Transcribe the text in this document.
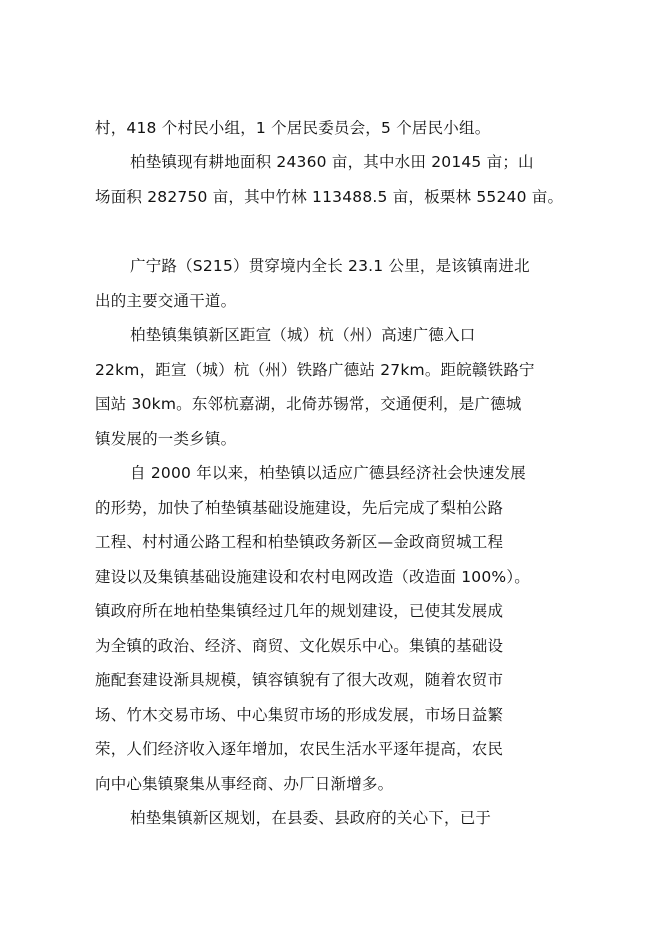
村，418 个村民小组，1 个居民委员会，5 个居民小组。
柏垫镇现有耕地面积 24360 亩，其中水田 20145 亩；山
场面积 282750 亩，其中竹林 113488.5 亩，板栗林 55240 亩。
广宁路（S215）贯穿境内全长 23.1 公里，是该镇南进北
出的主要交通干道。
柏垫镇集镇新区距宣（城）杭（州）高速广德入口
22km，距宣（城）杭（州）铁路广德站 27km。距皖赣铁路宁
国站 30km。东邻杭嘉湖，北倚苏锡常，交通便利，是广德城
镇发展的一类乡镇。
自 2000 年以来，柏垫镇以适应广德县经济社会快速发展
的形势，加快了柏垫镇基础设施建设，先后完成了梨柏公路
工程、村村通公路工程和柏垫镇政务新区—金政商贸城工程
建设以及集镇基础设施建设和农村电网改造（改造面 100%）。
镇政府所在地柏垫集镇经过几年的规划建设，已使其发展成
为全镇的政治、经济、商贸、文化娱乐中心。集镇的基础设
施配套建设渐具规模，镇容镇貌有了很大改观，随着农贸市
场、竹木交易市场、中心集贸市场的形成发展，市场日益繁
荣，人们经济收入逐年增加，农民生活水平逐年提高，农民
向中心集镇聚集从事经商、办厂日渐增多。
柏垫集镇新区规划，在县委、县政府的关心下，已于
